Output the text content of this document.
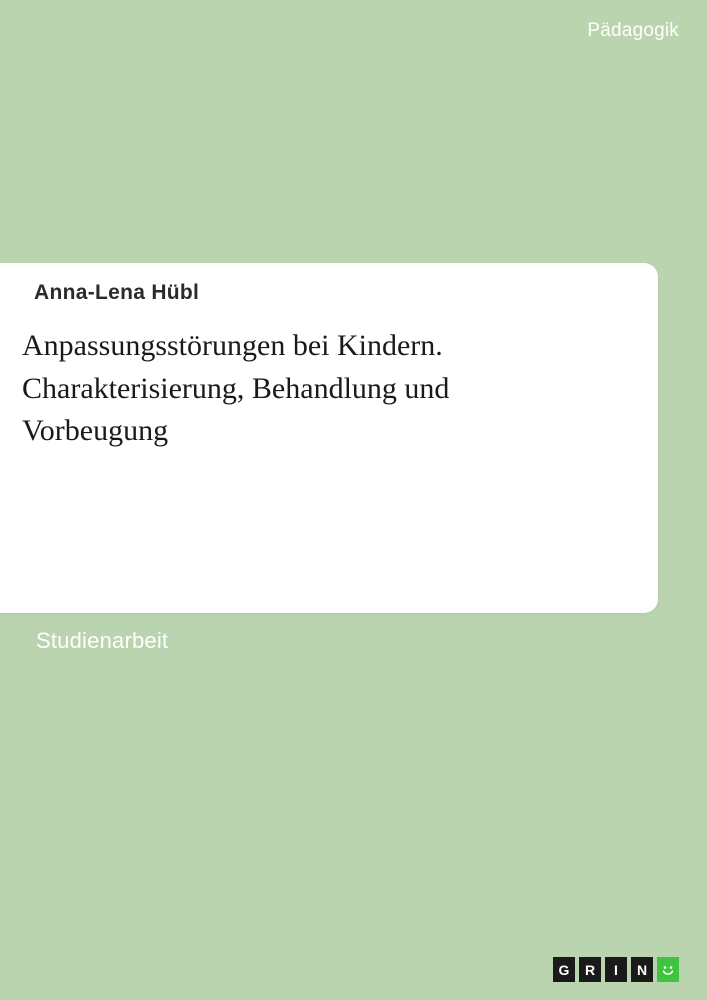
Pädagogik
Anna-Lena Hübl
Anpassungsstörungen bei Kindern. Charakterisierung, Behandlung und Vorbeugung
Studienarbeit
G	R	I	N
